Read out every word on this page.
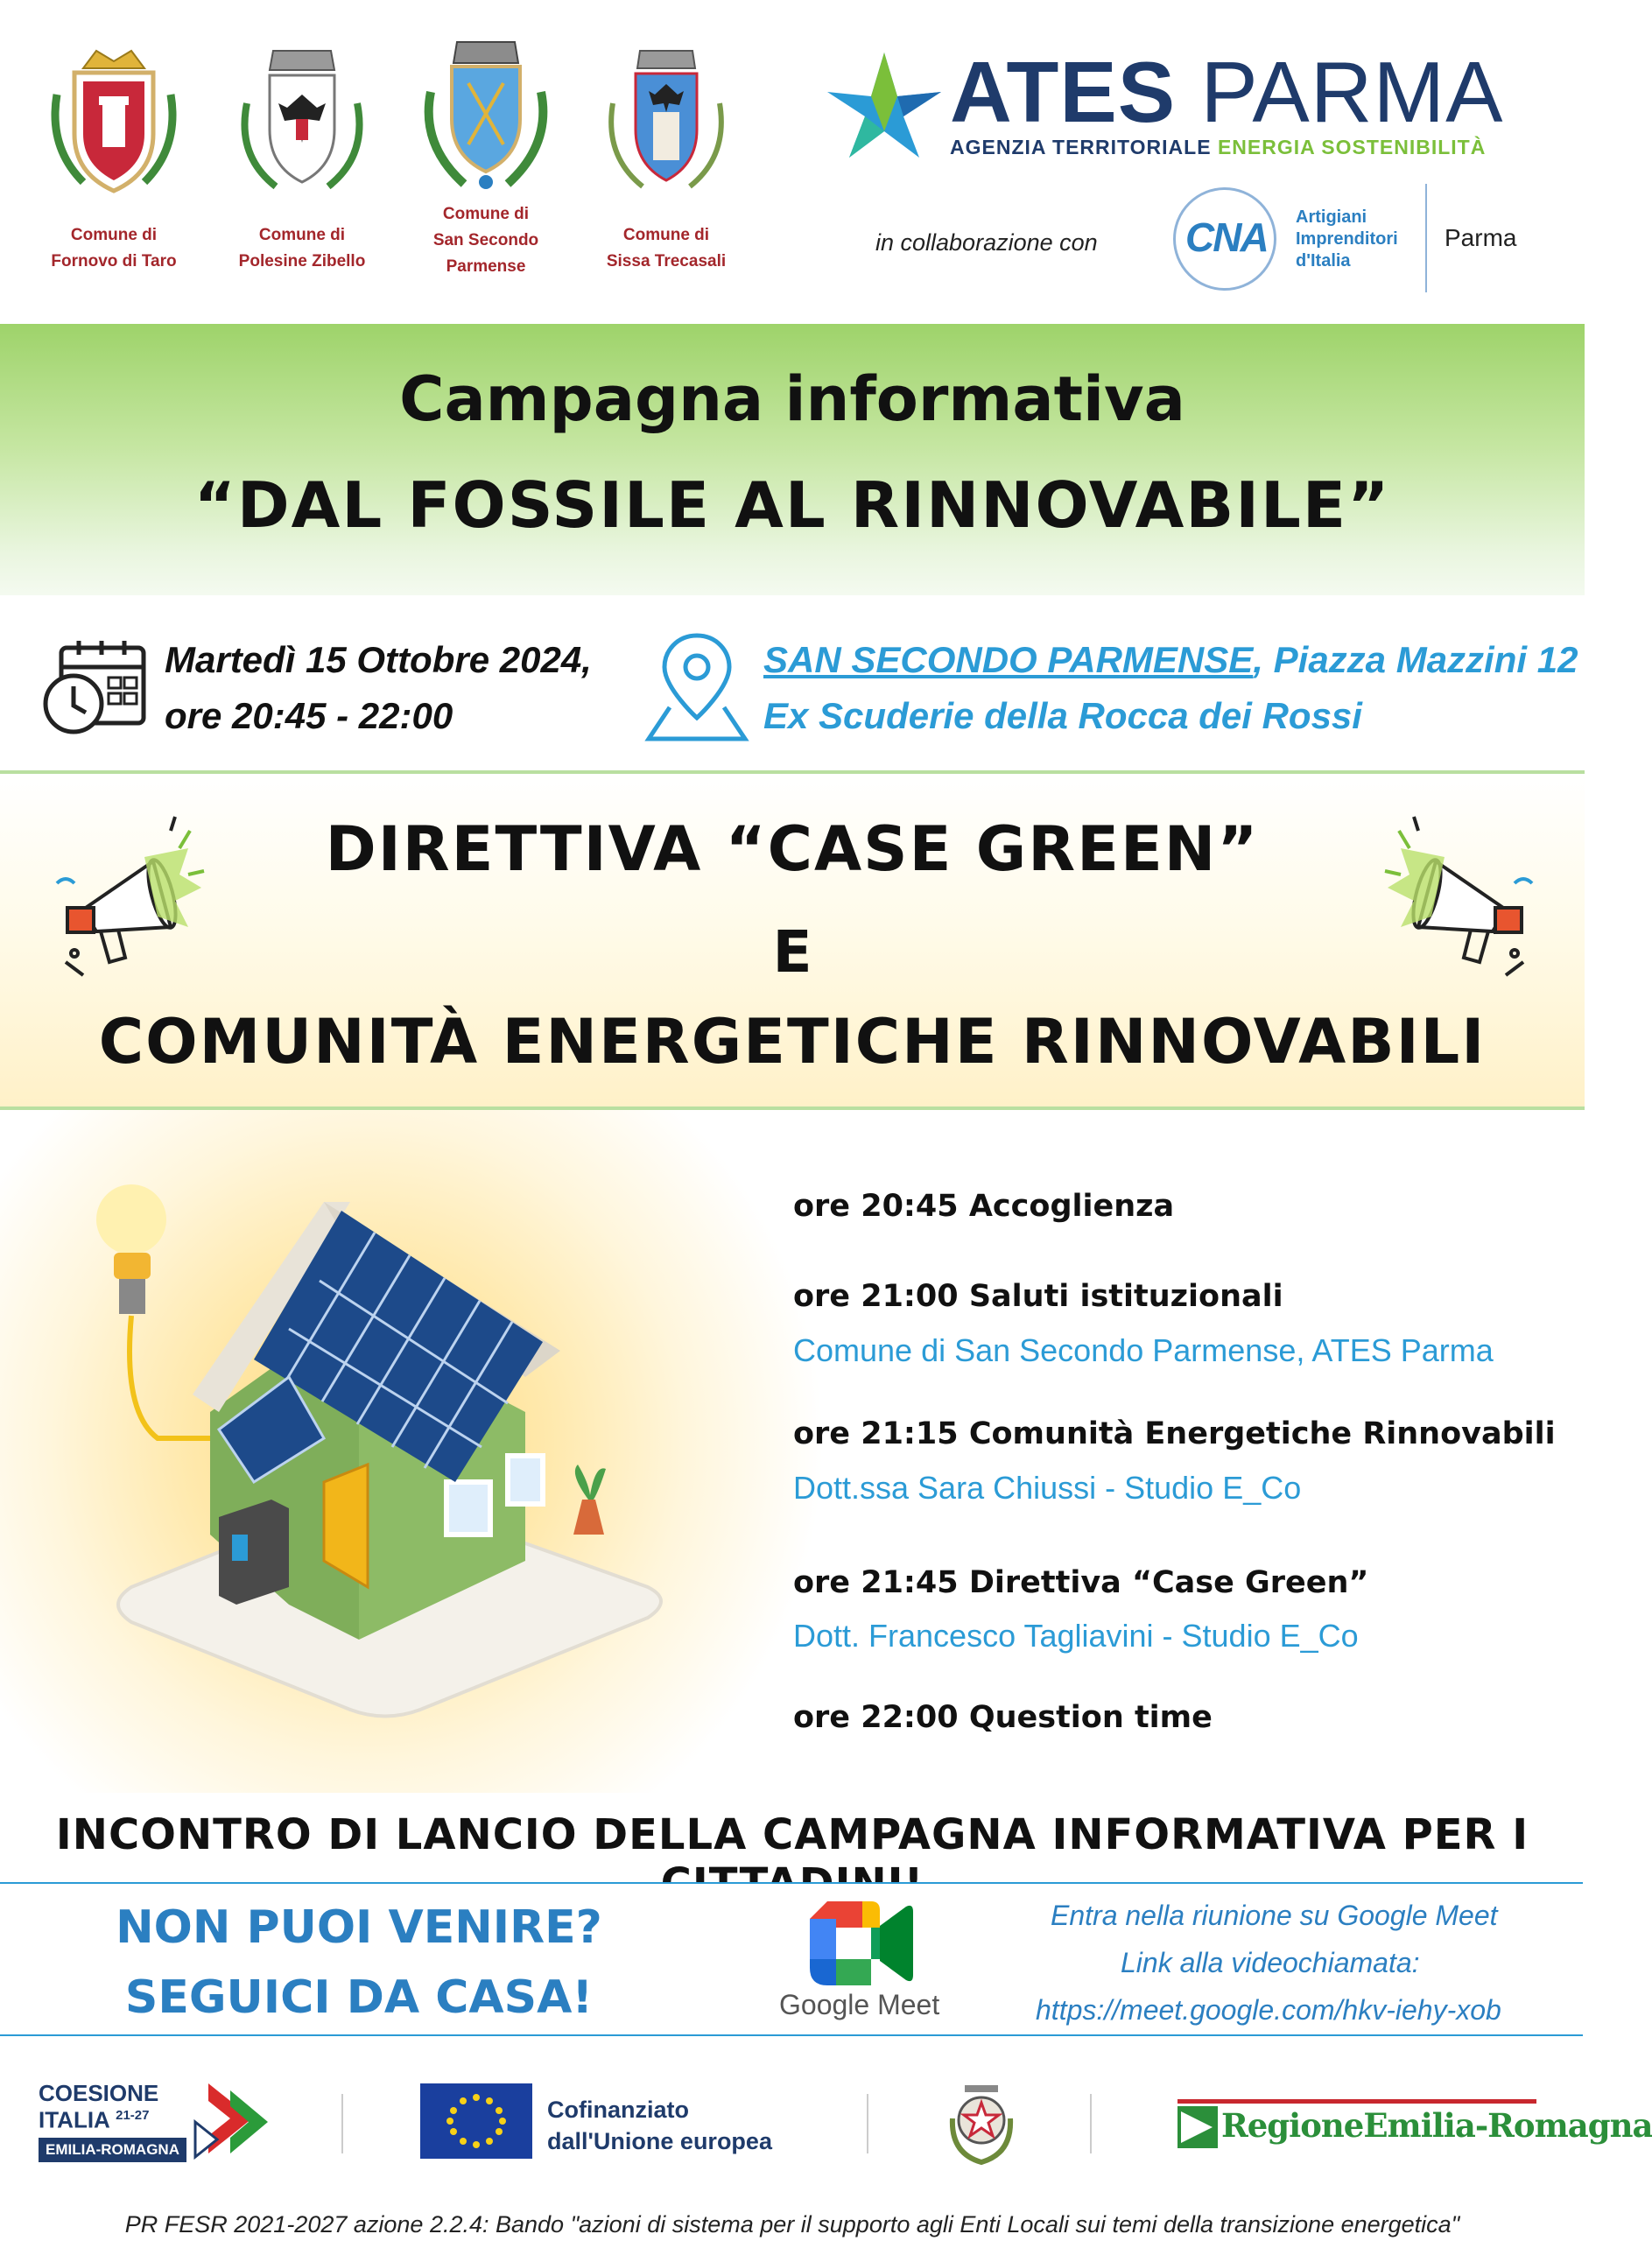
Comune di
Fornovo di Taro
Comune di
Polesine Zibello
Comune di
San Secondo
Parmense
Comune di
Sissa Trecasali
ATES PARMA
AGENZIA TERRITORIALE ENERGIA SOSTENIBILITÀ
in collaborazione con CNA Artigiani
Imprenditori
d'Italia
Parma
Campagna informativa
“DAL FOSSILE AL RINNOVABILE”
Martedì 15 Ottobre 2024,
ore 20:45 - 22:00
SAN SECONDO PARMENSE, Piazza Mazzini 12
Ex Scuderie della Rocca dei Rossi
DIRETTIVA “CASE GREEN”
E
COMUNITÀ ENERGETICHE RINNOVABILI
ore 20:45 Accoglienza
ore 21:00 Saluti istituzionali
Comune di San Secondo Parmense, ATES Parma
ore 21:15 Comunità Energetiche Rinnovabili
Dott.ssa Sara Chiussi - Studio E_Co
ore 21:45 Direttiva “Case Green”
Dott. Francesco Tagliavini - Studio E_Co
ore 22:00 Question time
INCONTRO DI LANCIO DELLA CAMPAGNA INFORMATIVA PER I
NON PUOI VENIRE?
SEGUICI DA CASA!	Google Meet
Entra nella riunione su Google Meet
Link alla videochiamata:
https://meet.google.com/hkv-iehy-xob
COESIONE
ITALIA $^{21-27}$
EMILIA-ROMAGNA
Cofinanziato
dall'Unione europea	RegioneEmilia-Romagna
PR FESR 2021-2027 azione 2.2.4: Bando "azioni di sistema per il supporto agli Enti Locali sui temi della transizione energetica"
